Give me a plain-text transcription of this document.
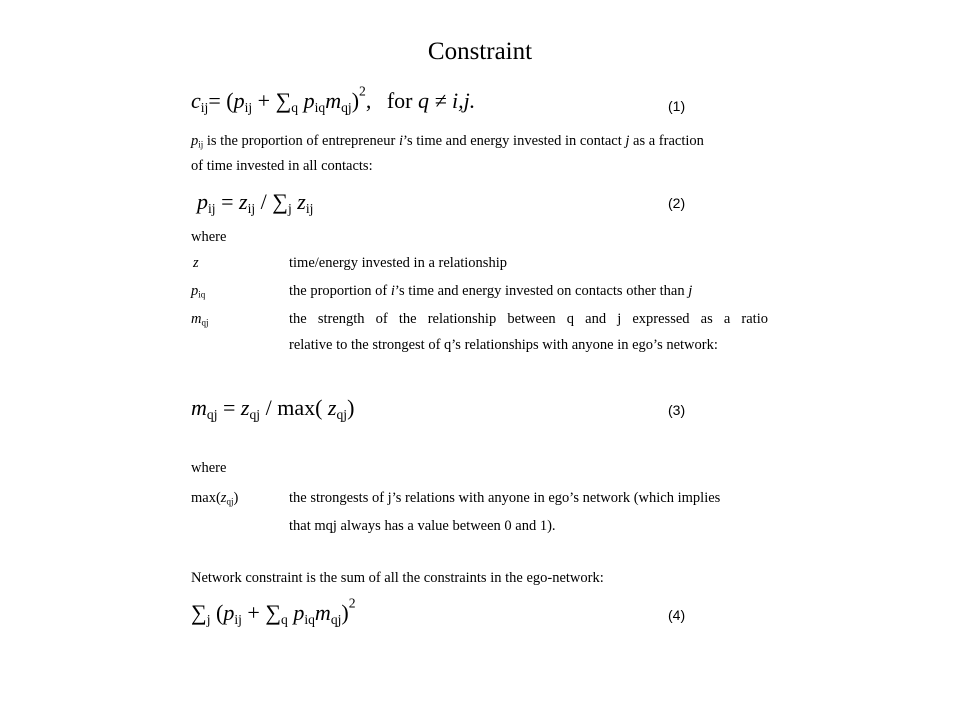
Constraint
$c_{ij}= (p_{ij} + \sum_q$ $p_{iq}m_{qj})^2$, for q ≠ i,j.	(1)
$p_{ij}$ is the proportion of entrepreneur i’s time and energy invested in contact j as a fraction
of time invested in all contacts:
$p_{ij} = z_{ij} / \sum_j$ $z_{ij}$	(2)
where
z	time/energy invested in a relationship
$p_{iq}$	the proportion of i’s time and energy invested on contacts other than j
$m_{qj}$	the strength of the relationship between q and j expressed as a ratio
relative to the strongest of q’s relationships with anyone in ego’s network:
$m_{qj} = z_{qj} / \max$( $z_{qj}$)	(3)
where
$\max(z_{qj})$	the strongests of j’s relations with anyone in ego’s network (which implies
that mqj always has a value between 0 and 1).
Network constraint is the sum of all the constraints in the ego-network:
$\sum_j$ ($p_{ij} + \sum_q$ $p_{iq}m_{qj})^2$
(4)
